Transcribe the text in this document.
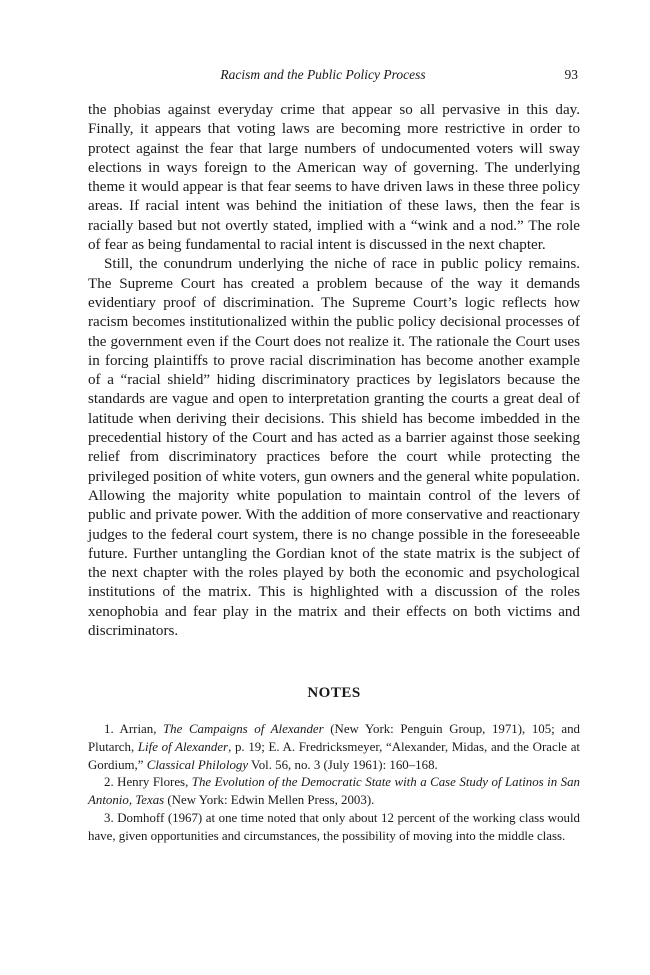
Racism and the Public Policy Process	93

the phobias against everyday crime that appear so all pervasive in this day. Finally, it appears that voting laws are becoming more restrictive in order to protect against the fear that large numbers of undocumented voters will sway elections in ways foreign to the American way of governing. The underlying theme it would appear is that fear seems to have driven laws in these three policy areas. If racial intent was behind the initiation of these laws, then the fear is racially based but not overtly stated, implied with a “wink and a nod.” The role of fear as being fundamental to racial intent is discussed in the next chapter.

Still, the conundrum underlying the niche of race in public policy remains. The Supreme Court has created a problem because of the way it demands evidentiary proof of discrimination. The Supreme Court’s logic reflects how racism becomes institutionalized within the public policy decisional processes of the government even if the Court does not realize it. The rationale the Court uses in forcing plaintiffs to prove racial discrimination has become another example of a “racial shield” hiding discriminatory practices by legislators because the standards are vague and open to interpretation granting the courts a great deal of latitude when deriving their decisions. This shield has become imbedded in the precedential history of the Court and has acted as a barrier against those seeking relief from discriminatory practices before the court while protecting the privileged position of white voters, gun owners and the general white population. Allowing the majority white population to maintain control of the levers of public and private power. With the addition of more conservative and reactionary judges to the federal court system, there is no change possible in the foreseeable future. Further untangling the Gordian knot of the state matrix is the subject of the next chapter with the roles played by both the economic and psychological institutions of the matrix. This is highlighted with a discussion of the roles xenophobia and fear play in the matrix and their effects on both victims and discriminators.

NOTES

1. Arrian, The Campaigns of Alexander (New York: Penguin Group, 1971), 105; and Plutarch, Life of Alexander, p. 19; E. A. Fredricksmeyer, “Alexander, Midas, and the Oracle at Gordium,” Classical Philology Vol. 56, no. 3 (July 1961): 160–168.

2. Henry Flores, The Evolution of the Democratic State with a Case Study of Latinos in San Antonio, Texas (New York: Edwin Mellen Press, 2003).

3. Domhoff (1967) at one time noted that only about 12 percent of the working class would have, given opportunities and circumstances, the possibility of moving into the middle class.
